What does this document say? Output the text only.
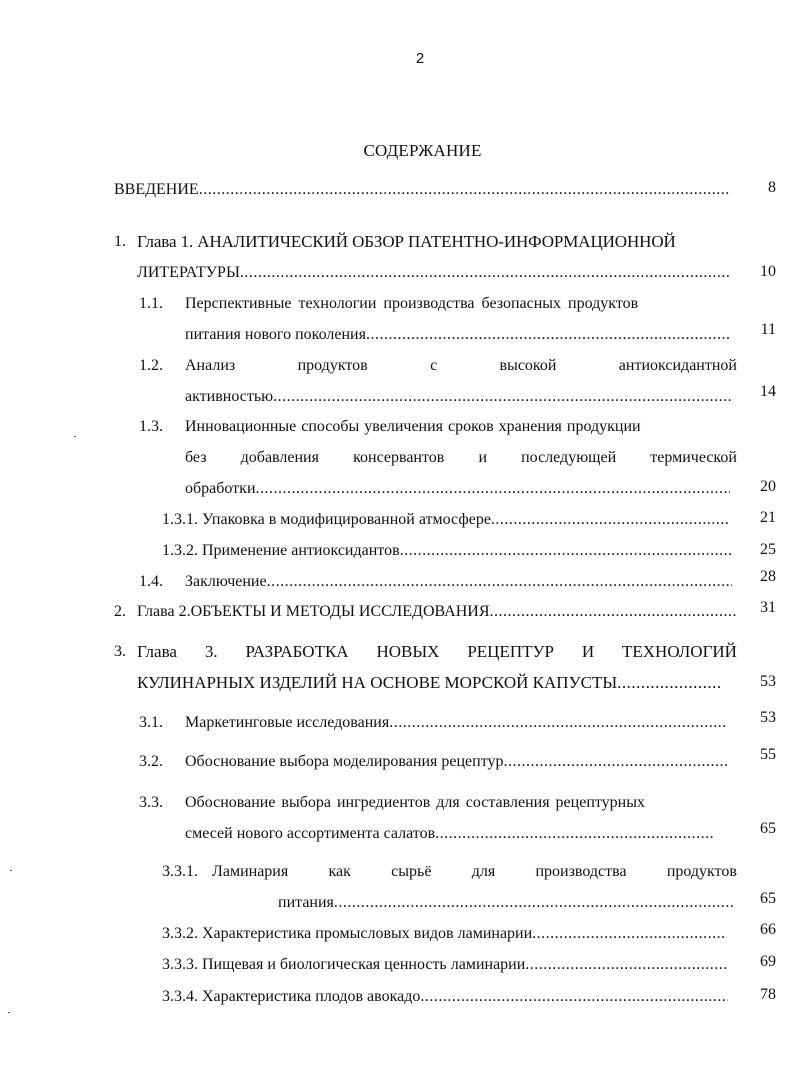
2
СОДЕРЖАНИЕ
ВВЕДЕНИЕ .....	8
1. Глава 1. АНАЛИТИЧЕСКИЙ ОБЗОР ПАТЕНТНО-ИНФОРМАЦИОННОЙ
ЛИТЕРАТУРЫ .....	10
1.1. Перспективные технологии производства безопасных продуктов
питания нового поколения .....	11
1.2. Анализ	продуктов	с	высокой	антиоксидантной
активностью .....	14
1.3. Инновационные способы увеличения сроков хранения продукции
без добавления консервантов и последующей термической
обработки .....	20
1.3.1. Упаковка в модифицированной атмосфере .....	21
1.3.2. Применение антиоксидантов .....	25
1.4. Заключение .....	28
2. Глава 2.ОБЪЕКТЫ И МЕТОДЫ ИССЛЕДОВАНИЯ .....	31
3. Глава 3. РАЗРАБОТКА НОВЫХ РЕЦЕПТУР И ТЕХНОЛОГИЙ
КУЛИНАРНЫХ ИЗДЕЛИЙ НА ОСНОВЕ МОРСКОЙ КАПУСТЫ .....	53
3.1. Маркетинговые исследования .....	53
3.2. Обоснование выбора моделирования рецептур .....	55
3.3. Обоснование выбора ингредиентов для составления рецептурных
смесей нового ассортимента салатов .....	65
3.3.1. Ламинария	как	сырьё	для	производства	продуктов
питания .....	65
3.3.2. Характеристика промысловых видов ламинарии .....	66
3.3.3. Пищевая и биологическая ценность ламинарии .....	69
3.3.4. Характеристика плодов авокадо .....	78
